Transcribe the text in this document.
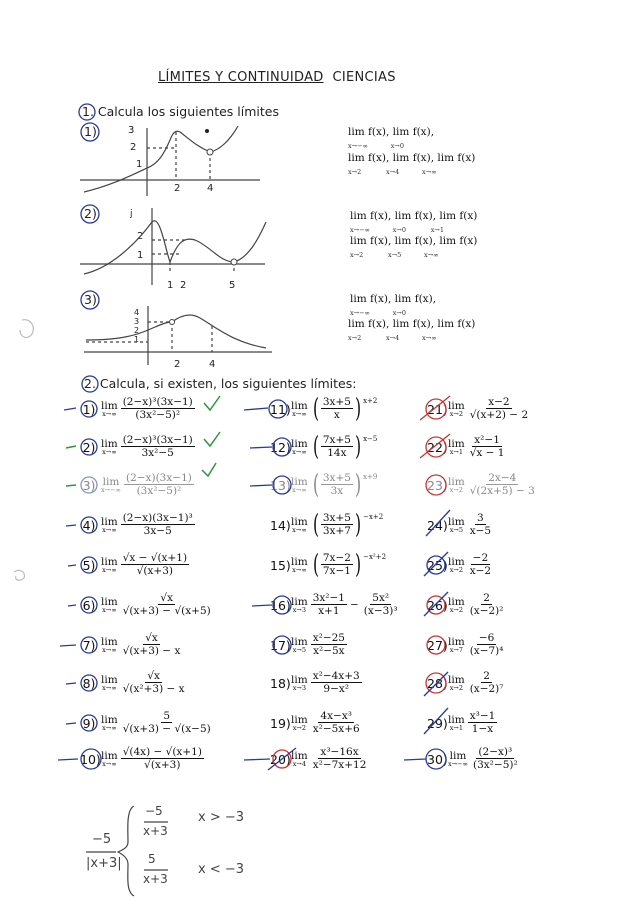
LÍMITES Y CONTINUIDAD CIENCIAS
1. Calcula los siguientes límites
1)
2)
3)
3
2
1
2	4
j
2
1
1 2	5
4
3
2
1
2	4
lim f(x), lim f(x),
x→−∞	x→0
lim f(x), lim f(x), lim f(x)
x→2	x→4	x→∞
lim f(x), lim f(x), lim f(x)
x→−∞	x→0	x→1
lim f(x), lim f(x), lim f(x)
x→2	x→5	x→∞
lim f(x), lim f(x),
x→−∞	x→0
lim f(x), lim f(x), lim f(x)
x→2	x→4	x→∞
2. Calcula, si existen, los siguientes límites:
1) lim
x→∞
(2−x)³(3x−1)
(3x²−5)²
2) lim
x→∞
(2−x)³(3x−1)
3x²−5
3) lim
x→−∞
(2−x)(3x−1)
(3x²−5)²
4) lim
x→∞
(2−x)(3x−1)³
3x−5
5) lim
x→∞
√x − √(x+1)
√(x+3)
6) lim
x→∞
√x
√(x+3) − √(x+5)
7) lim
x→∞
√x
√(x+3) − x
8) lim
x→∞
√x
√(x²+3) − x
9) lim
x→∞
5
√(x+3) − √(x−5)
10) lim
x→∞
√(4x) − √(x+1)
√(x+3)
11) lim
x→∞ ( 3x+5
x ) x+2
12) lim
x→∞ ( 7x+5
14x ) x−5
13) lim
x→∞ ( 3x+5
3x ) x+9
14) lim
x→∞ ( 3x+5
3x+7 ) −x+2
15) lim
x→∞ ( 7x−2
7x−1 ) −x²+2
16) lim
x→3
3x²−1
$x+1 - \frac{\text{5x²}}{\text{(x−3)³}}$
17) lim
x→5
x²−25
x²−5x
18) lim
x→3
x²−4x+3
9−x²
19) lim
x→2
4x−x³
x²−5x+6
20) lim
x→4
x³−16x
x²−7x+12
21) lim
x→2
x−2
√(x+2) − 2
22) lim
x→1
x²−1
√x − 1
23) lim
x→2
2x−4
√(2x+5) − 3
24) lim
x→5
3
x−5
25) lim
x→2
−2
x−2
26) lim
x→2
2
(x−2)²
27) lim
x→7
−6
(x−7)⁴
28) lim
x→2
2
(x−2)⁷
29) lim
x→1
x³−1
1−x
30) lim
x→−∞
(2−x)³
(3x²−5)²
−5
|x+3|
−5
x+3
x > −3
5
x+3
x < −3
